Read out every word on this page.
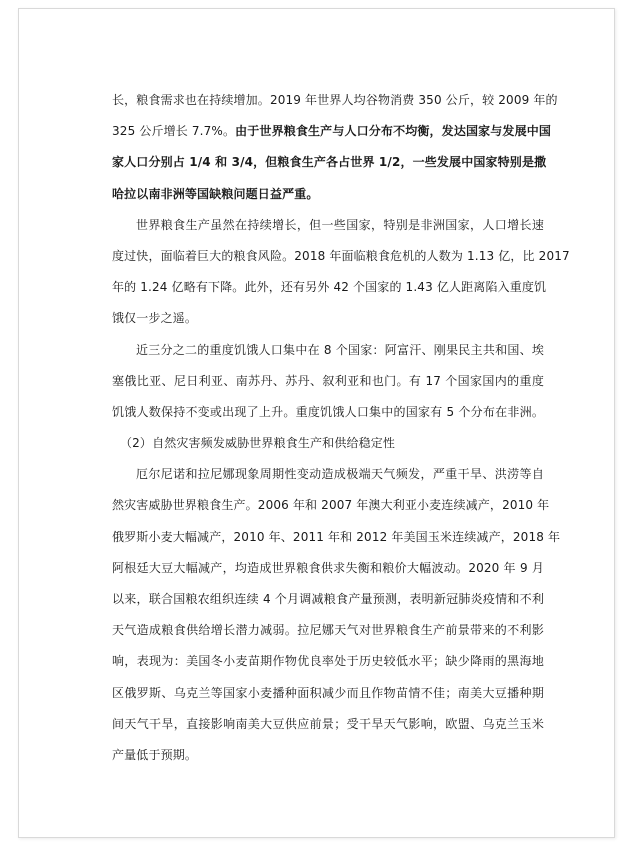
长，粮食需求也在持续增加。2019 年世界人均谷物消费 350 公斤，较 2009 年的
325 公斤增长 7.7%。由于世界粮食生产与人口分布不均衡，发达国家与发展中国
家人口分别占 1/4 和 3/4，但粮食生产各占世界 1/2，一些发展中国家特别是撒
哈拉以南非洲等国缺粮问题日益严重。
世界粮食生产虽然在持续增长，但一些国家，特别是非洲国家，人口增长速
度过快，面临着巨大的粮食风险。2018 年面临粮食危机的人数为 1.13 亿，比 2017
年的 1.24 亿略有下降。此外，还有另外 42 个国家的 1.43 亿人距离陷入重度饥
饿仅一步之遥。
近三分之二的重度饥饿人口集中在 8 个国家：阿富汗、刚果民主共和国、埃
塞俄比亚、尼日利亚、南苏丹、苏丹、叙利亚和也门。有 17 个国家国内的重度
饥饿人数保持不变或出现了上升。重度饥饿人口集中的国家有 5 个分布在非洲。
（2）自然灾害频发威胁世界粮食生产和供给稳定性
厄尔尼诺和拉尼娜现象周期性变动造成极端天气频发，严重干旱、洪涝等自
然灾害威胁世界粮食生产。2006 年和 2007 年澳大利亚小麦连续减产，2010 年
俄罗斯小麦大幅减产，2010 年、2011 年和 2012 年美国玉米连续减产，2018 年
阿根廷大豆大幅减产，均造成世界粮食供求失衡和粮价大幅波动。2020 年 9 月
以来，联合国粮农组织连续 4 个月调减粮食产量预测，表明新冠肺炎疫情和不利
天气造成粮食供给增长潜力减弱。拉尼娜天气对世界粮食生产前景带来的不利影
响，表现为：美国冬小麦苗期作物优良率处于历史较低水平；缺少降雨的黑海地
区俄罗斯、乌克兰等国家小麦播种面积减少而且作物苗情不佳；南美大豆播种期
间天气干旱，直接影响南美大豆供应前景；受干旱天气影响，欧盟、乌克兰玉米
产量低于预期。
